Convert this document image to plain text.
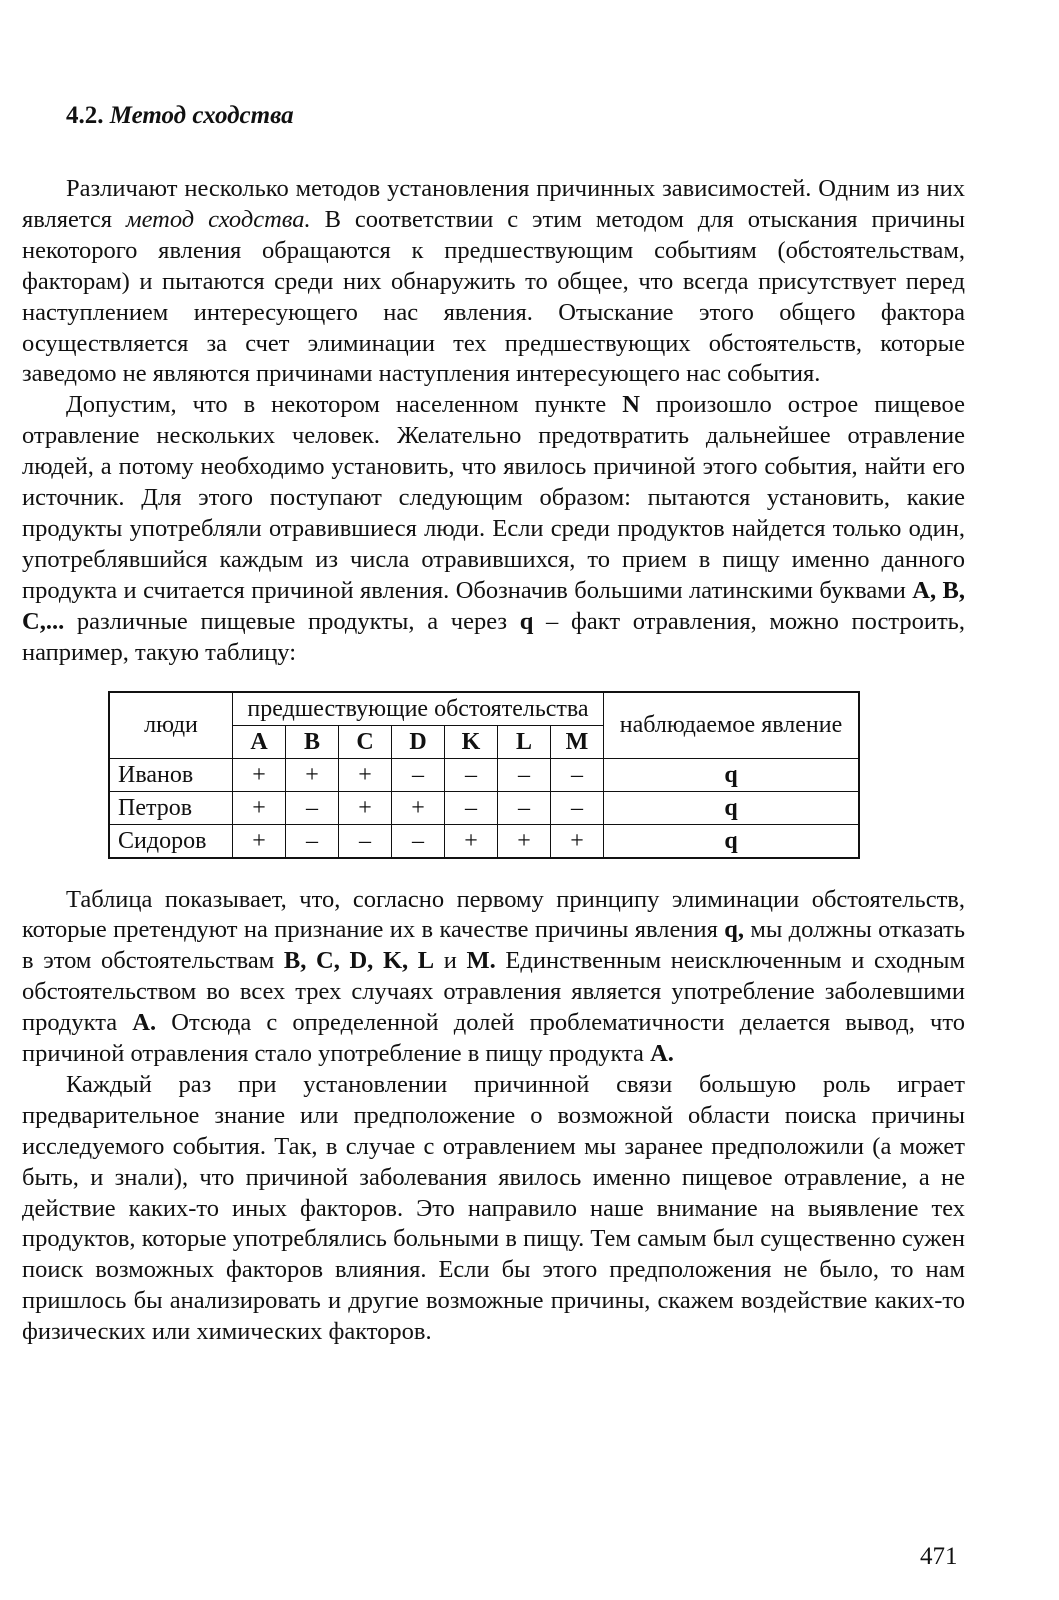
4.2. Метод сходства

Различают несколько методов установления причинных зависимостей. Одним из них является метод сходства. В соответствии с этим методом для отыскания причины некоторого явления обращаются к предшествующим событиям (обстоятельствам, факторам) и пытаются среди них обнаружить то общее, что всегда присутствует перед наступлением интересующего нас явления. Отыскание этого общего фактора осуществляется за счет элиминации тех предшествующих обстоятельств, которые заведомо не являются причинами наступления интересующего нас события.

Допустим, что в некотором населенном пункте N произошло острое пищевое отравление нескольких человек. Желательно предотвратить дальнейшее отравление людей, а потому необходимо установить, что явилось причиной этого события, найти его источник. Для этого поступают следующим образом: пытаются установить, какие продукты употребляли отравившиеся люди. Если среди продуктов найдется только один, употреблявшийся каждым из числа отравившихся, то прием в пищу именно данного продукта и считается причиной явления. Обозначив большими латинскими буквами A, B, C,... различные пищевые продукты, а через q – факт отравления, можно построить, например, такую таблицу:

люди	предшествующие обстоятельства							наблюдаемое явление
	A	B	C	D	K	L	M	
Иванов	+	+	+	–	–	–	–	q
Петров	+	–	+	+	–	–	–	q
Сидоров	+	–	–	–	+	+	+	q

Таблица показывает, что, согласно первому принципу элиминации обстоятельств, которые претендуют на признание их в качестве причины явления q, мы должны отказать в этом обстоятельствам B, C, D, K, L и M. Единственным неисключенным и сходным обстоятельством во всех трех случаях отравления является употребление заболевшими продукта A. Отсюда с определенной долей проблематичности делается вывод, что причиной отравления стало употребление в пищу продукта A.

Каждый раз при установлении причинной связи большую роль играет предварительное знание или предположение о возможной области поиска причины исследуемого события. Так, в случае с отравлением мы заранее предположили (а может быть, и знали), что причиной заболевания явилось именно пищевое отравление, а не действие каких-то иных факторов. Это направило наше внимание на выявление тех продуктов, которые употреблялись больными в пищу. Тем самым был существенно сужен поиск возможных факторов влияния. Если бы этого предположения не было, то нам пришлось бы анализировать и другие возможные причины, скажем воздействие каких-то физических или химических факторов.

471
